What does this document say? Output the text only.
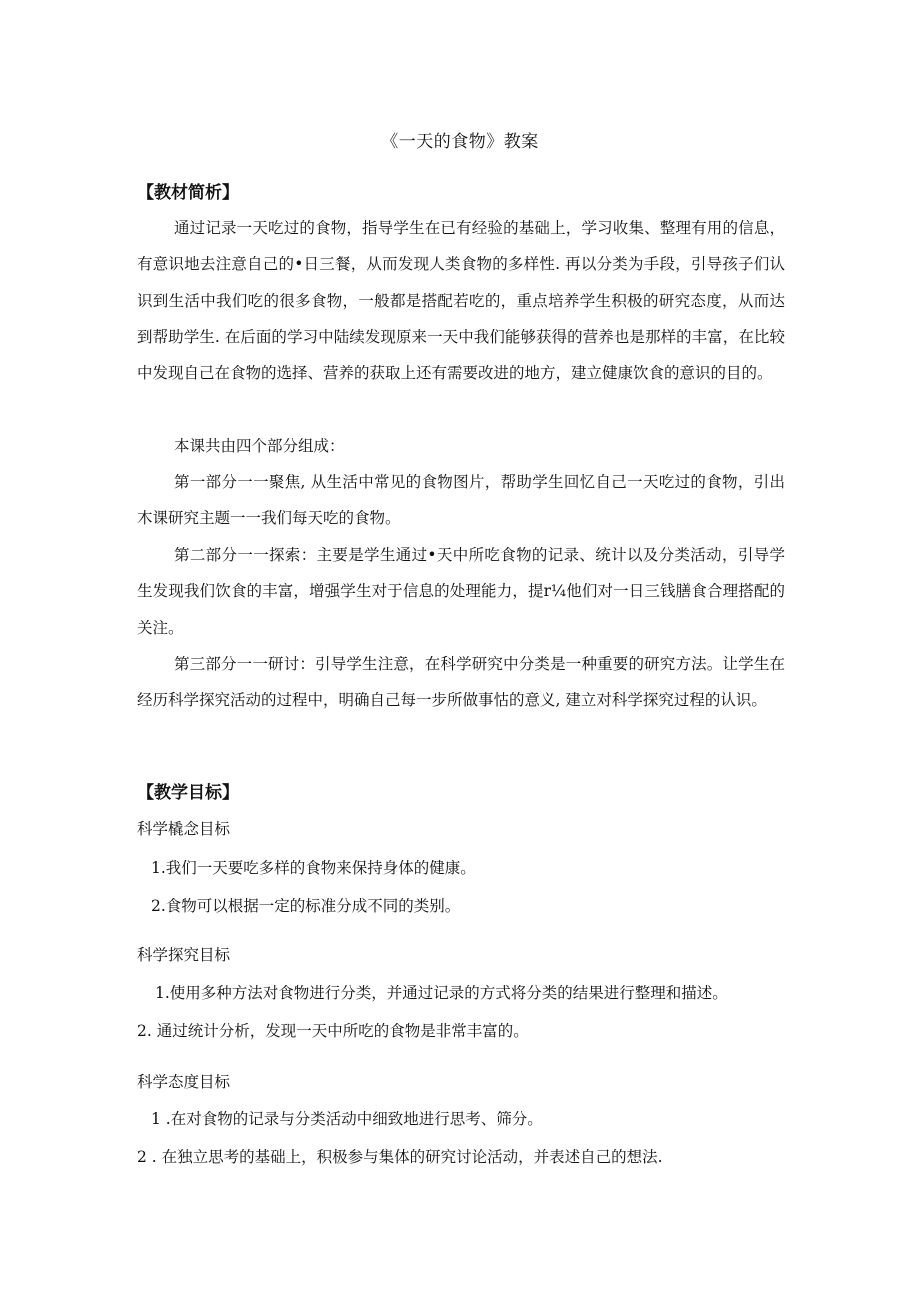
《一天的食物》教案
【教材简析】

通过记录一天吃过的食物，指导学生在已有经验的基础上，学习收集、整理有用的信息，有意识地去注意自己的•日三餐，从而发现人类食物的多样性. 再以分类为手段，引导孩子们认识到生活中我们吃的很多食物，一般都是搭配若吃的，重点培养学生积极的研究态度，从而达到帮助学生. 在后面的学习中陆续发现原来一天中我们能够获得的营养也是那样的丰富，在比较中发现自己在食物的选择、营养的获取上还有需要改进的地方，建立健康饮食的意识的目的。

本课共由四个部分组成：

第一部分一一聚焦, 从生活中常见的食物图片，帮助学生回忆自己一天吃过的食物，引出木课研究主题一一我们每天吃的食物。

第二部分一一探索：主要是学生通过•天中所吃食物的记录、统计以及分类活动，引导学生发现我们饮食的丰富，增强学生对于信息的处理能力，提r¼他们对一日三钱膳食合理搭配的关注。

第三部分一一研讨：引导学生注意，在科学研究中分类是一种重要的研究方法。让学生在经历科学探究活动的过程中，明确自己每一步所做事怙的意义, 建立对科学探究过程的认识。

【教学目标】
科学橇念目标
1.我们一天要吃多样的食物来保持身体的健康。
2.食物可以根据一定的标准分成不同的类别。
科学探究目标
1.使用多种方法对食物进行分类，并通过记录的方式将分类的结果进行整理和描述。
2. 通过统计分析，发现一天中所吃的食物是非常丰富的。
科学态度目标
1 .在对食物的记录与分类活动中细致地进行思考、筛分。
2 . 在独立思考的基础上，积极参与集体的研究讨论活动，并表述自己的想法.
